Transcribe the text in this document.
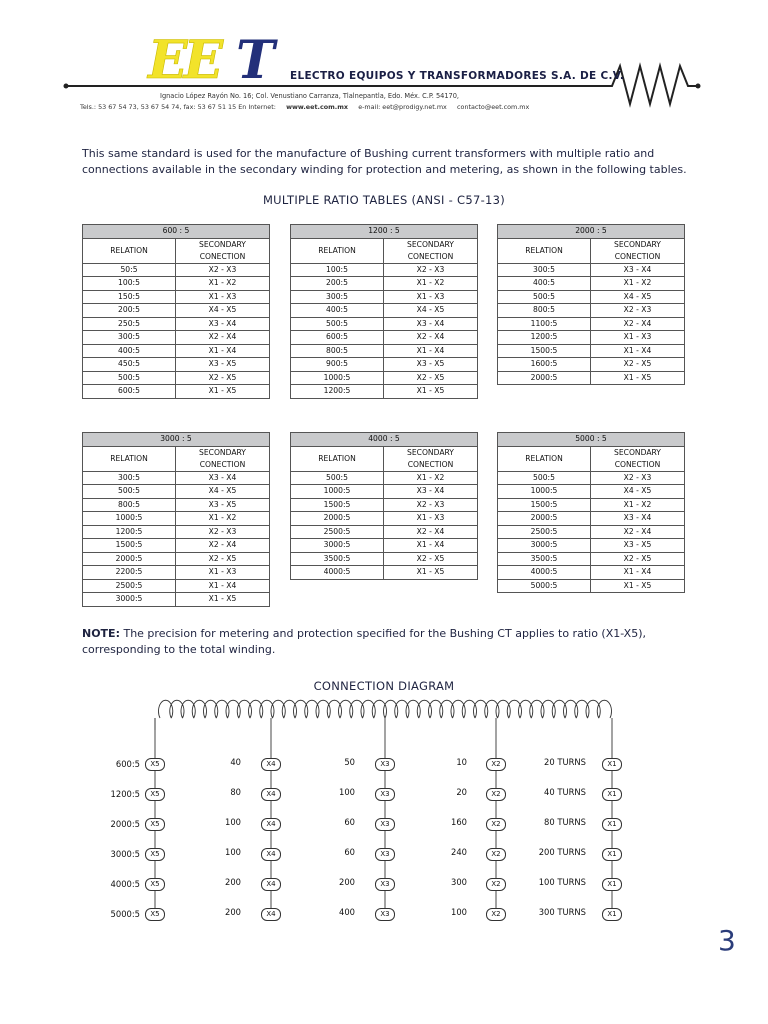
EE T	ELECTRO EQUIPOS Y TRANSFORMADORES S.A. DE C.V.
Ignacio López Rayón No. 16; Col. Venustiano Carranza, Tlalnepantla, Edo. Méx. C.P. 54170,
Tels.: 53 67 54 73, 53 67 54 74, fax: 53 67 51 15 En Internet: www.eet.com.mx e-mail: eet@prodigy.net.mx contacto@eet.com.mx
This same standard is used for the manufacture of Bushing current transformers with multiple ratio and connections available in the secondary winding for protection and metering, as shown in the following tables.
MULTIPLE RATIO TABLES (ANSI - C57-13)
600 : 5	
RELATION	SECONDARY CONECTION
50:5	X2 - X3
100:5	X1 - X2
150:5	X1 - X3
200:5	X4 - X5
250:5	X3 - X4
300:5	X2 - X4
400:5	X1 - X4
450:5	X3 - X5
500:5	X2 - X5
600:5	X1 - X5
1200 : 5	
RELATION	SECONDARY CONECTION
100:5	X2 - X3
200:5	X1 - X2
300:5	X1 - X3
400:5	X4 - X5
500:5	X3 - X4
600:5	X2 - X4
800:5	X1 - X4
900:5	X3 - X5
1000:5	X2 - X5
1200:5	X1 - X5
2000 : 5	
RELATION	SECONDARY CONECTION
300:5	X3 - X4
400:5	X1 - X2
500:5	X4 - X5
800:5	X2 - X3
1100:5	X2 - X4
1200:5	X1 - X3
1500:5	X1 - X4
1600:5	X2 - X5
2000:5	X1 - X5
3000 : 5	
RELATION	SECONDARY CONECTION
300:5	X3 - X4
500:5	X4 - X5
800:5	X3 - X5
1000:5	X1 - X2
1200:5	X2 - X3
1500:5	X2 - X4
2000:5	X2 - X5
2200:5	X1 - X3
2500:5	X1 - X4
3000:5	X1 - X5
4000 : 5	
RELATION	SECONDARY CONECTION
500:5	X1 - X2
1000:5	X3 - X4
1500:5	X2 - X3
2000:5	X1 - X3
2500:5	X2 - X4
3000:5	X1 - X4
3500:5	X2 - X5
4000:5	X1 - X5
5000 : 5	
RELATION	SECONDARY CONECTION
500:5	X2 - X3
1000:5	X4 - X5
1500:5	X1 - X2
2000:5	X3 - X4
2500:5	X2 - X4
3000:5	X3 - X5
3500:5	X2 - X5
4000:5	X1 - X4
5000:5	X1 - X5
NOTE: The precision for metering and protection specified for the Bushing CT applies to ratio (X1-X5), corresponding to the total winding.
CONNECTION DIAGRAM
600:5	40	50	10	20 TURNS
X5	X4	X3	X2	X1
1200:5	80	100	20	40 TURNS
X5	X4	X3	X2	X1
2000:5	100	60	160	80 TURNS
X5	X4	X3	X2	X1
3000:5	100	60	240	200 TURNS
X5	X4	X3	X2	X1
4000:5	200	200	300	100 TURNS
X5	X4	X3	X2	X1
5000:5	200	400	100	300 TURNS
X5	X4	X3	X2	X1
3
